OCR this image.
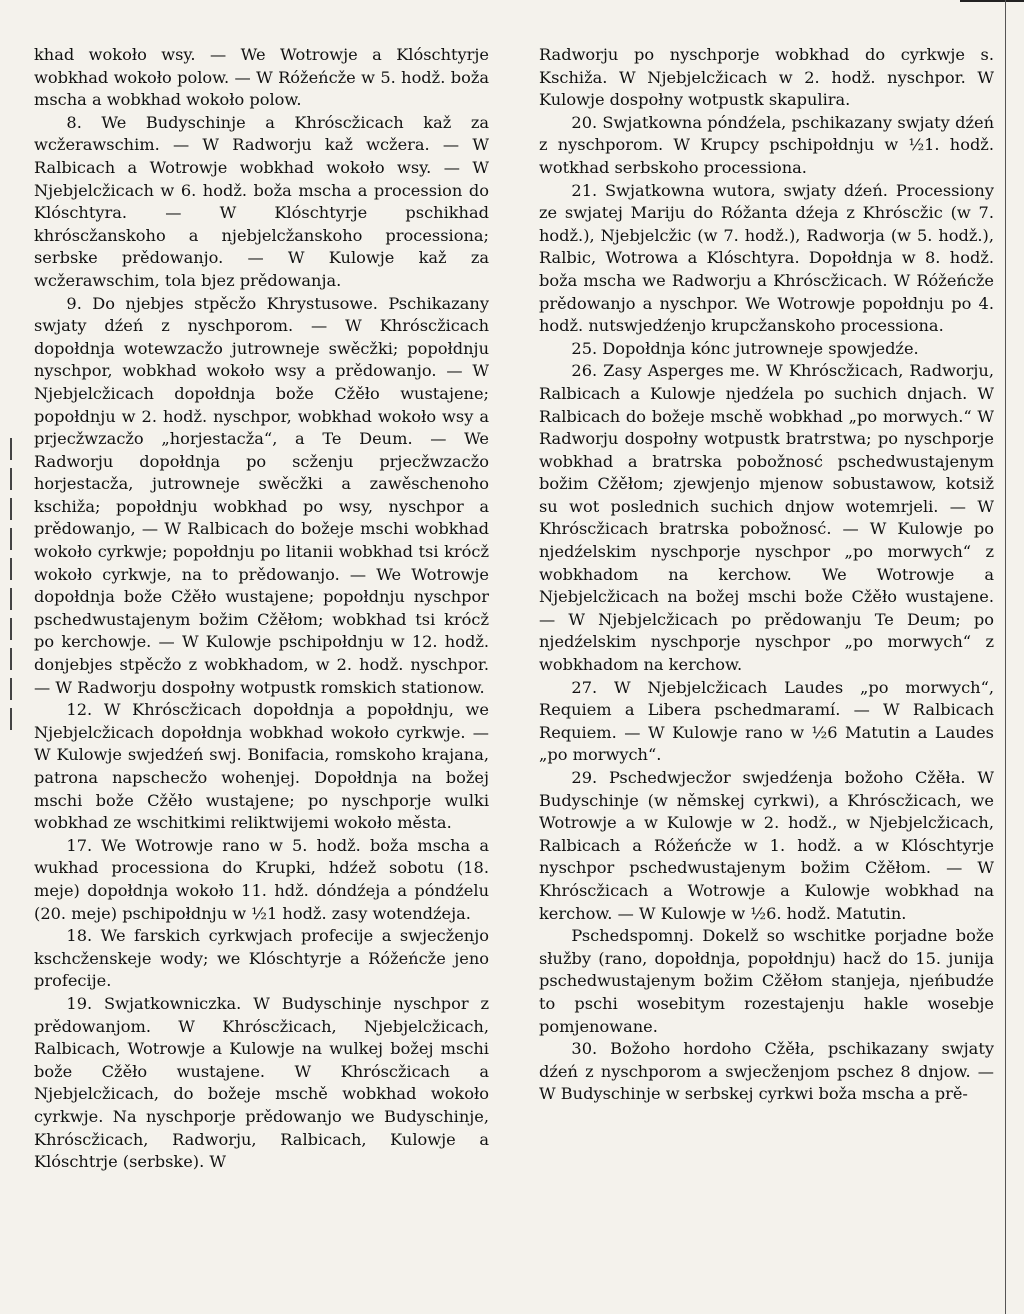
khad wokoło wsy. — We Wotrowje a Klóschtyrje wobkhad wokoło polow. — W Róžeńcže w 5. hodž. boža mscha a wobkhad wokoło polow.

8. We Budyschinje a Khróscžicach kaž za wcžerawschim. — W Radworju kaž wcžera. — W Ralbicach a Wotrowje wobkhad wokoło wsy. — W Njebjelcžicach w 6. hodž. boža mscha a procession do Klóschtyra. — W Klóschtyrje pschikhad khróscžanskoho a njebjelcžanskoho processiona; serbske prědowanjo. — W Kulowje kaž za wcžerawschim, tola bjez prědowanja.

9. Do njebjes stpěcžo Khrystusowe. Pschikazany swjaty dźeń z nyschporom. — W Khróscžicach dopołdnja wotewzacžo jutrowneje swěcžki; popołdnju nyschpor, wobkhad wokoło wsy a prědowanjo. — W Njebjelcžicach dopołdnja bože Cžěło wustajene; popołdnju w 2. hodž. nyschpor, wobkhad wokoło wsy a prjecžwzacžo „horjestacža“, a Te Deum. — We Radworju dopołdnja po scženju prjecžwzacžo horjestacža, jutrowneje swěcžki a zawěschenoho kschiža; popołdnju wobkhad po wsy, nyschpor a prědowanjo, — W Ralbicach do božeje mschi wobkhad wokoło cyrkwje; popołdnju po litanii wobkhad tsi krócž wokoło cyrkwje, na to prědowanjo. — We Wotrowje dopołdnja bože Cžěło wustajene; popołdnju nyschpor pschedwustajenym božim Cžěłom; wobkhad tsi krócž po kerchowje. — W Kulowje pschipołdnju w 12. hodž. donjebjes stpěcžo z wobkhadom, w 2. hodž. nyschpor. — W Radworju dospołny wotpustk romskich stationow.

12. W Khróscžicach dopołdnja a popołdnju, we Njebjelcžicach dopołdnja wobkhad wokoło cyrkwje. — W Kulowje swjedźeń swj. Bonifacia, romskoho krajana, patrona napschecžo wohenjej. Dopołdnja na božej mschi bože Cžěło wustajene; po nyschporje wulki wobkhad ze wschitkimi reliktwijemi wokoło města.

17. We Wotrowje rano w 5. hodž. boža mscha a wukhad processiona do Krupki, hdźež sobotu (18. meje) dopołdnja wokoło 11. hdž. dóndźeja a póndźelu (20. meje) pschipołdnju w ½1 hodž. zasy wotendźeja.

18. We farskich cyrkwjach profecije a swjecženjo kschcženskeje wody; we Klóschtyrje a Róžeńcže jeno profecije.

19. Swjatkowniczka. W Budyschinje nyschpor z prědowanjom. W Khróscžicach, Njebjelcžicach, Ralbicach, Wotrowje a Kulowje na wulkej božej mschi bože Cžěło wustajene. W Khróscžicach a Njebjelcžicach, do božeje mschě wobkhad wokoło cyrkwje. Na nyschporje prědowanjo we Budyschinje, Khróscžicach, Radworju, Ralbicach, Kulowje a Klóschtrje (serbske). W

Radworju po nyschporje wobkhad do cyrkwje s. Kschiža. W Njebjelcžicach w 2. hodž. nyschpor. W Kulowje dospołny wotpustk skapulira.

20. Swjatkowna póndźela, pschikazany swjaty dźeń z nyschporom. W Krupcy pschipołdnju w ½1. hodž. wotkhad serbskoho processiona.

21. Swjatkowna wutora, swjaty dźeń. Processiony ze swjatej Mariju do Róžanta dźeja z Khróscžic (w 7. hodž.), Njebjelcžic (w 7. hodž.), Radworja (w 5. hodž.), Ralbic, Wotrowa a Klóschtyra. Dopołdnja w 8. hodž. boža mscha we Radworju a Khróscžicach. W Róžeńcže prědowanjo a nyschpor. We Wotrowje popołdnju po 4. hodž. nutswjedźenjo krupcžanskoho processiona.

25. Dopołdnja kónc jutrowneje spowjedźe.

26. Zasy Asperges me. W Khróscžicach, Radworju, Ralbicach a Kulowje njedźela po suchich dnjach. W Ralbicach do božeje mschě wobkhad „po morwych.“ W Radworju dospołny wotpustk bratrstwa; po nyschporje wobkhad a bratrska pobožnosć pschedwustajenym božim Cžěłom; zjewjenjo mjenow sobustawow, kotsiž su wot poslednich suchich dnjow wotemrjeli. — W Khróscžicach bratrska pobožnosć. — W Kulowje po njedźelskim nyschporje nyschpor „po morwych“ z wobkhadom na kerchow. We Wotrowje a Njebjelcžicach na božej mschi bože Cžěło wustajene. — W Njebjelcžicach po prědowanju Te Deum; po njedźelskim nyschporje nyschpor „po morwych“ z wobkhadom na kerchow.

27. W Njebjelcžicach Laudes „po morwych“, Requiem a Libera pschedmaramí. — W Ralbicach Requiem. — W Kulowje rano w ½6 Matutin a Laudes „po morwych“.

29. Pschedwjecžor swjedźenja božoho Cžěła. W Budyschinje (w němskej cyrkwi), a Khróscžicach, we Wotrowje a w Kulowje w 2. hodž., w Njebjelcžicach, Ralbicach a Róžeńcže w 1. hodž. a w Klóschtyrje nyschpor pschedwustajenym božim Cžěłom. — W Khróscžicach a Wotrowje a Kulowje wobkhad na kerchow. — W Kulowje w ½6. hodž. Matutin.

Pschedspomnj. Dokelž so wschitke porjadne bože słužby (rano, dopołdnja, popołdnju) hacž do 15. junija pschedwustajenym božim Cžěłom stanjeja, njeńbudźe to pschi wosebitym rozestajenju hakle wosebje pomjenowane.

30. Božoho hordoho Cžěła, pschikazany swjaty dźeń z nyschporom a swjecženjom pschez 8 dnjow. — W Budyschinje w serbskej cyrkwi boža mscha a prě-
